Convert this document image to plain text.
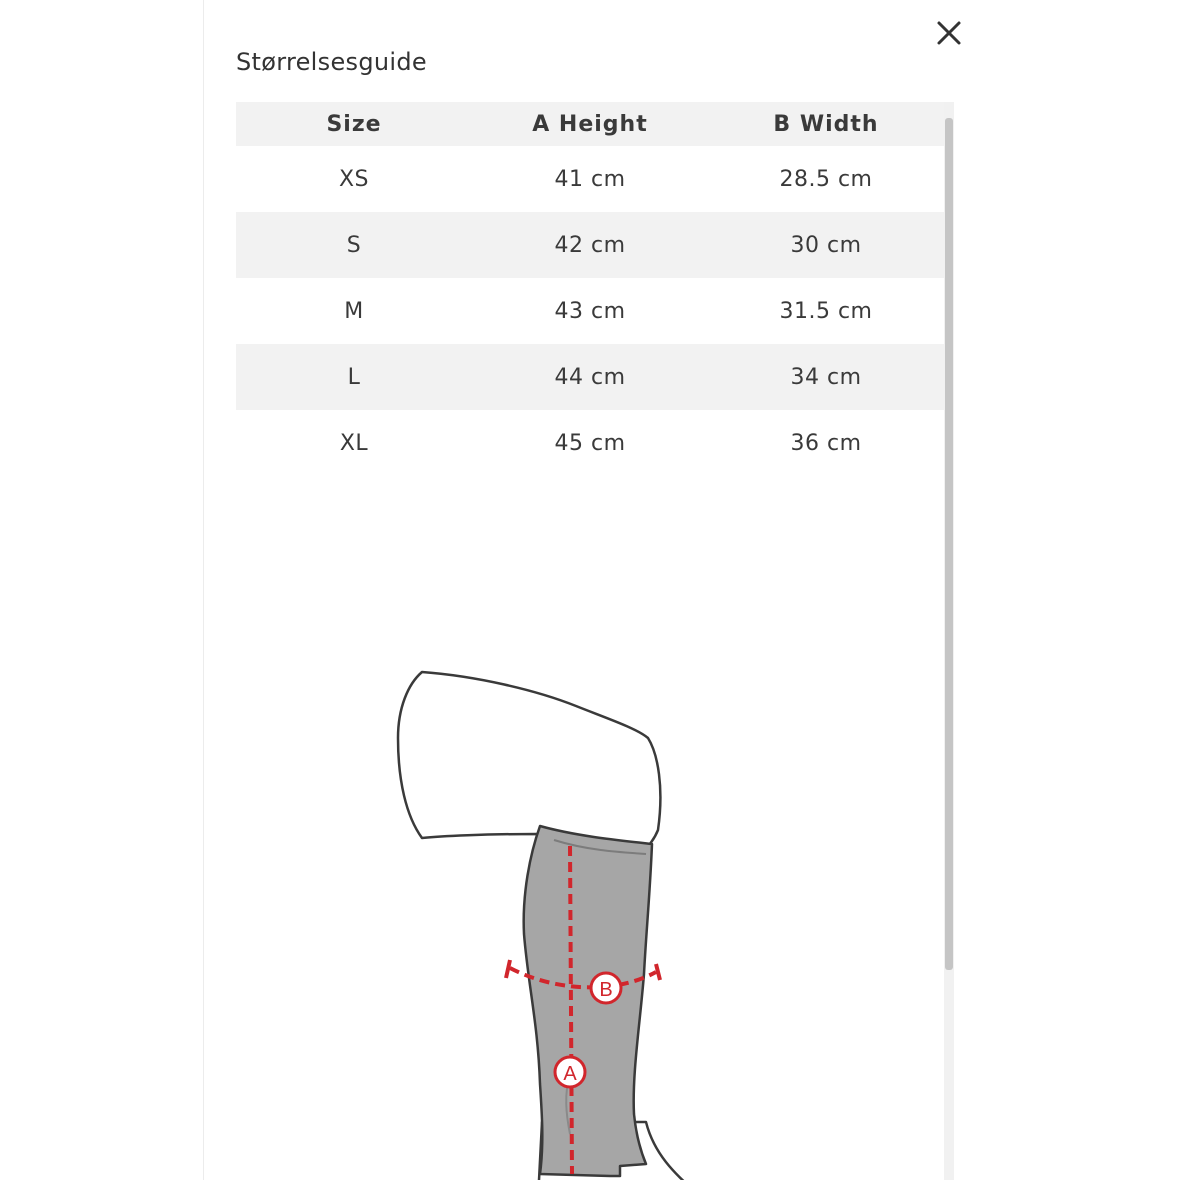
Størrelsesguide
Size	A Height	B Width
XS	41 cm	28.5 cm
S	42 cm	30 cm
M	43 cm	31.5 cm
L	44 cm	34 cm
XL	45 cm	36 cm
B
A
